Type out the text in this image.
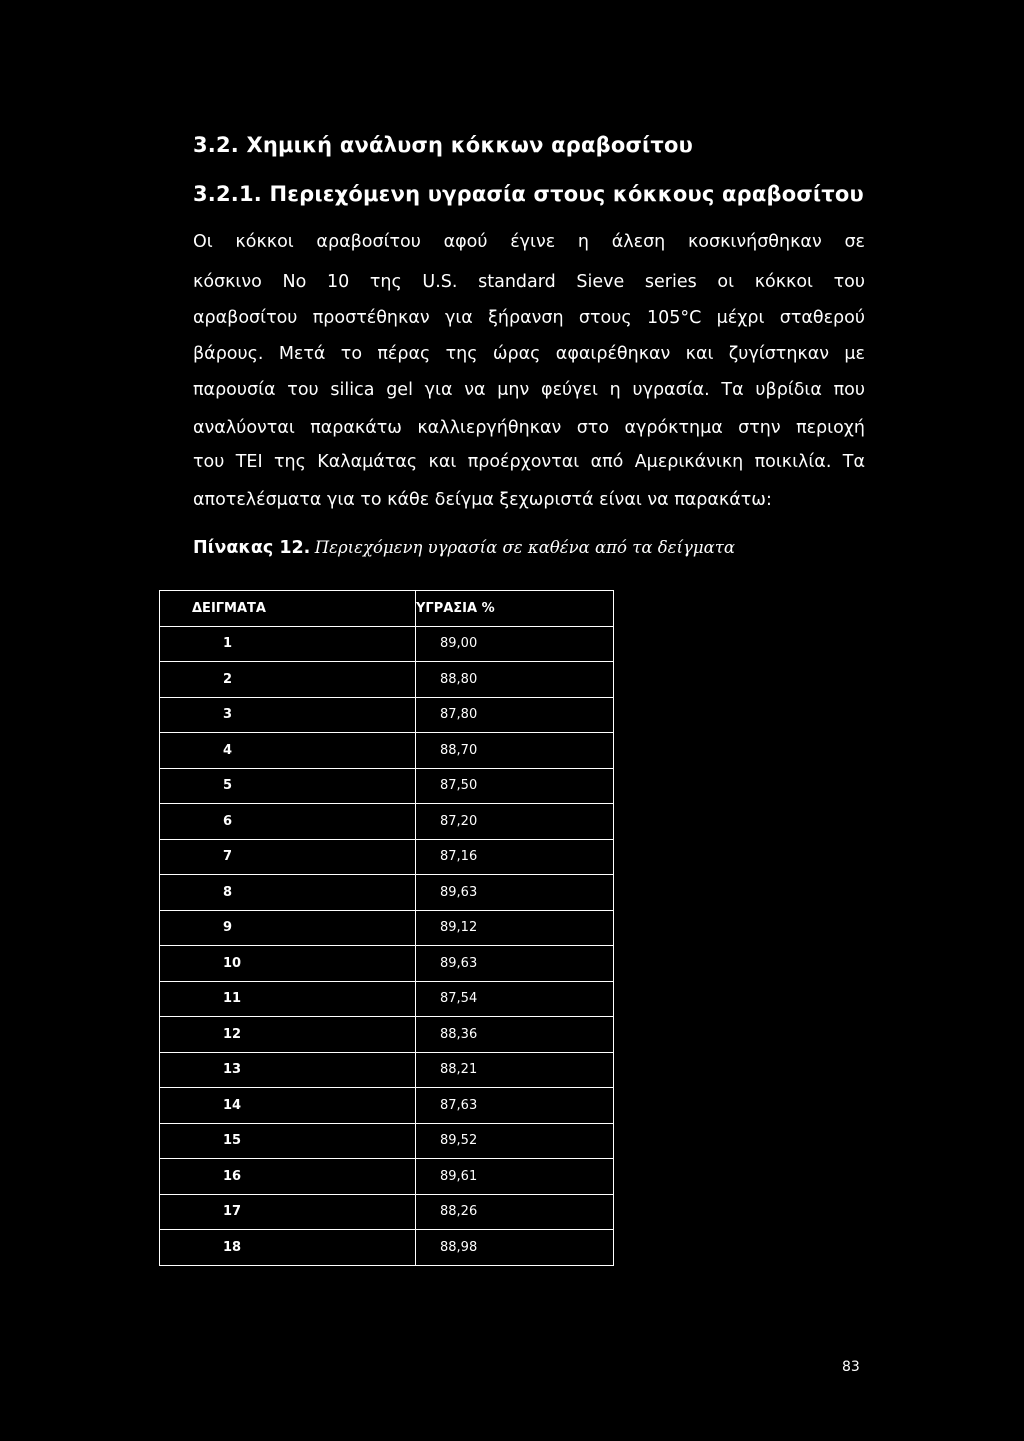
3.2. Χημική ανάλυση κόκκων αραβοσίτου
3.2.1. Περιεχόμενη υγρασία στους κόκκους αραβοσίτου
Οι κόκκοι αραβοσίτου αφού έγινε η άλεση κοσκινήσθηκαν σε
κόσκινο No 10 της U.S. standard Sieve series οι κόκκοι του
αραβοσίτου προστέθηκαν για ξήρανση στους 105°C μέχρι σταθερού
βάρους. Μετά το πέρας της ώρας αφαιρέθηκαν και ζυγίστηκαν με
παρουσία του silica gel για να μην φεύγει η υγρασία. Τα υβρίδια που
αναλύονται παρακάτω καλλιεργήθηκαν στο αγρόκτημα στην περιοχή
του ΤΕΙ της Καλαμάτας και προέρχονται από Αμερικάνικη ποικιλία. Τα
αποτελέσματα για το κάθε δείγμα ξεχωριστά είναι να παρακάτω:
Πίνακας 12. Περιεχόμενη υγρασία σε καθένα από τα δείγματα
ΔΕΙΓΜΑΤΑ	ΥΓΡΑΣΙΑ %
1	89,00
2	88,80
3	87,80
4	88,70
5	87,50
6	87,20
7	87,16
8	89,63
9	89,12
10	89,63
11	87,54
12	88,36
13	88,21
14	87,63
15	89,52
16	89,61
17	88,26
18	88,98
83
